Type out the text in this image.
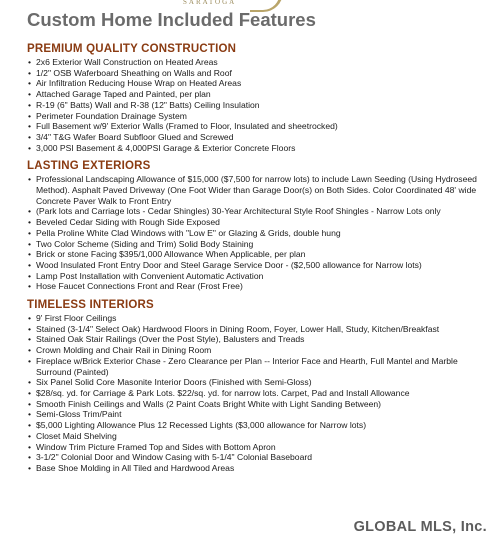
SARATOGA
Custom Home Included Features
PREMIUM QUALITY CONSTRUCTION
• 2x6 Exterior Wall Construction on Heated Areas
• 1/2" OSB Waferboard Sheathing on Walls and Roof
• Air Infiltration Reducing House Wrap on Heated Areas
• Attached Garage Taped and Painted, per plan
• R-19 (6" Batts) Wall and R-38 (12" Batts) Ceiling Insulation
• Perimeter Foundation Drainage System
• Full Basement w/9' Exterior Walls (Framed to Floor, Insulated and sheetrocked)
• 3/4" T&G Wafer Board Subfloor Glued and Screwed
• 3,000 PSI Basement & 4,000PSI Garage & Exterior Concrete Floors
LASTING EXTERIORS
• Professional Landscaping Allowance of $15,000 ($7,500 for narrow lots) to include Lawn Seeding (Using Hydroseed Method). Asphalt Paved Driveway (One Foot Wider than Garage Door(s) on Both Sides. Color Coordinated 48' wide Concrete Paver Walk to Front Entry
• (Park lots and Carriage lots - Cedar Shingles) 30-Year Architectural Style Roof Shingles - Narrow Lots only
• Beveled Cedar Siding with Rough Side Exposed
• Pella Proline White Clad Windows with "Low E" or Glazing & Grids, double hung
• Two Color Scheme (Siding and Trim) Solid Body Staining
• Brick or stone Facing $395/1,000 Allowance When Applicable, per plan
• Wood Insulated Front Entry Door and Steel Garage Service Door - ($2,500 allowance for Narrow lots)
• Lamp Post Installation with Convenient Automatic Activation
• Hose Faucet Connections Front and Rear (Frost Free)
TIMELESS INTERIORS
• 9' First Floor Ceilings
• Stained (3-1/4" Select Oak) Hardwood Floors in Dining Room, Foyer, Lower Hall, Study, Kitchen/Breakfast
• Stained Oak Stair Railings (Over the Post Style), Balusters and Treads
• Crown Molding and Chair Rail in Dining Room
• Fireplace w/Brick Exterior Chase - Zero Clearance per Plan -- Interior Face and Hearth, Full Mantel and Marble Surround (Painted)
• Six Panel Solid Core Masonite Interior Doors (Finished with Semi-Gloss)
• $28/sq. yd. for Carriage & Park Lots. $22/sq. yd. for narrow lots. Carpet, Pad and Install Allowance
• Smooth Finish Ceilings and Walls (2 Paint Coats Bright White with Light Sanding Between)
• Semi-Gloss Trim/Paint
• $5,000 Lighting Allowance Plus 12 Recessed Lights ($3,000 allowance for Narrow lots)
• Closet Maid Shelving
• Window Trim Picture Framed Top and Sides with Bottom Apron
• 3-1/2" Colonial Door and Window Casing with 5-1/4" Colonial Baseboard
• Base Shoe Molding in All Tiled and Hardwood Areas
GLOBAL MLS, Inc.
